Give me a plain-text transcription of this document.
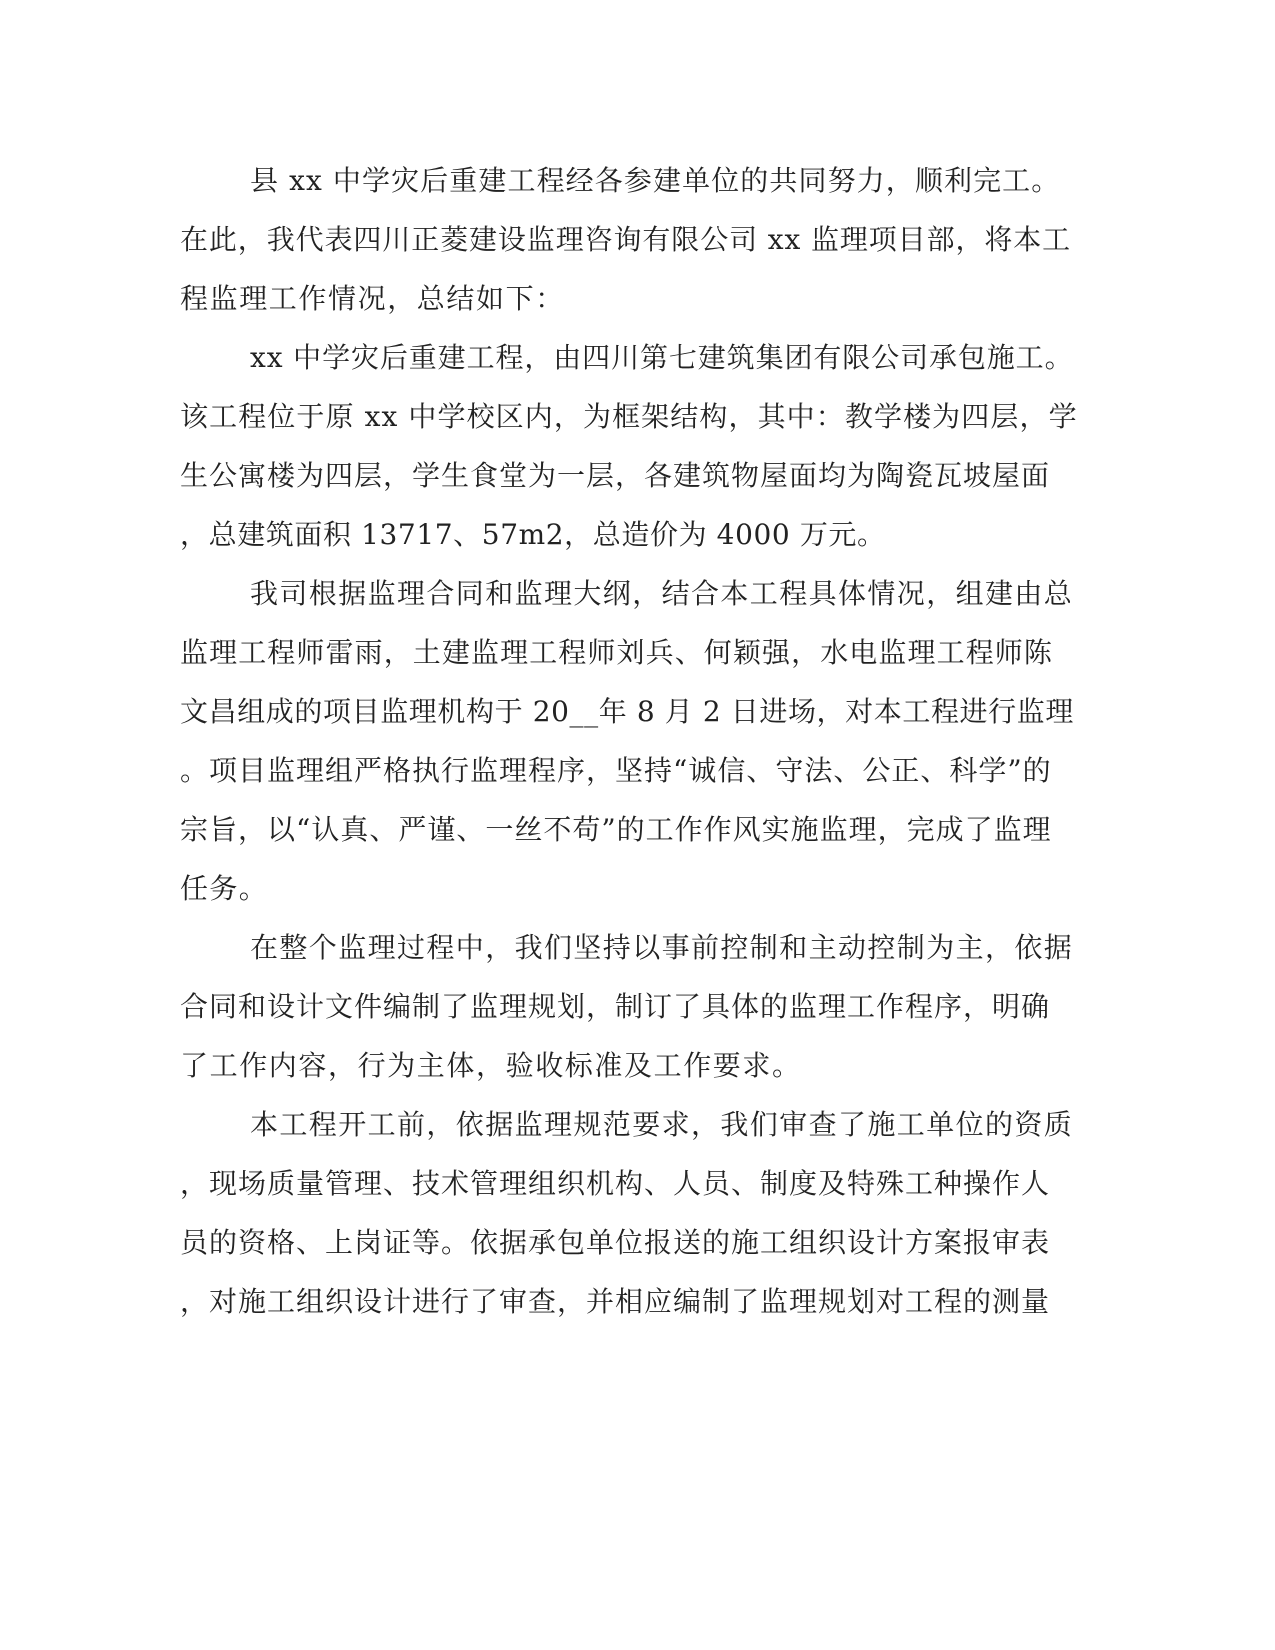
县 xx 中学灾后重建工程经各参建单位的共同努力，顺利完工。

在此，我代表四川正菱建设监理咨询有限公司 xx 监理项目部，将本工

程监理工作情况，总结如下：

xx 中学灾后重建工程，由四川第七建筑集团有限公司承包施工。

该工程位于原 xx 中学校区内，为框架结构，其中：教学楼为四层，学

生公寓楼为四层，学生食堂为一层，各建筑物屋面均为陶瓷瓦坡屋面

，总建筑面积 13717、57m2，总造价为 4000 万元。

我司根据监理合同和监理大纲，结合本工程具体情况，组建由总

监理工程师雷雨，土建监理工程师刘兵、何颖强，水电监理工程师陈

文昌组成的项目监理机构于 20__年 8 月 2 日进场，对本工程进行监理

。项目监理组严格执行监理程序，坚持“诚信、守法、公正、科学”的

宗旨，以“认真、严谨、一丝不苟”的工作作风实施监理，完成了监理

任务。

在整个监理过程中，我们坚持以事前控制和主动控制为主，依据

合同和设计文件编制了监理规划，制订了具体的监理工作程序，明确

了工作内容，行为主体，验收标准及工作要求。

本工程开工前，依据监理规范要求，我们审查了施工单位的资质

，现场质量管理、技术管理组织机构、人员、制度及特殊工种操作人

员的资格、上岗证等。依据承包单位报送的施工组织设计方案报审表

，对施工组织设计进行了审查，并相应编制了监理规划对工程的测量
